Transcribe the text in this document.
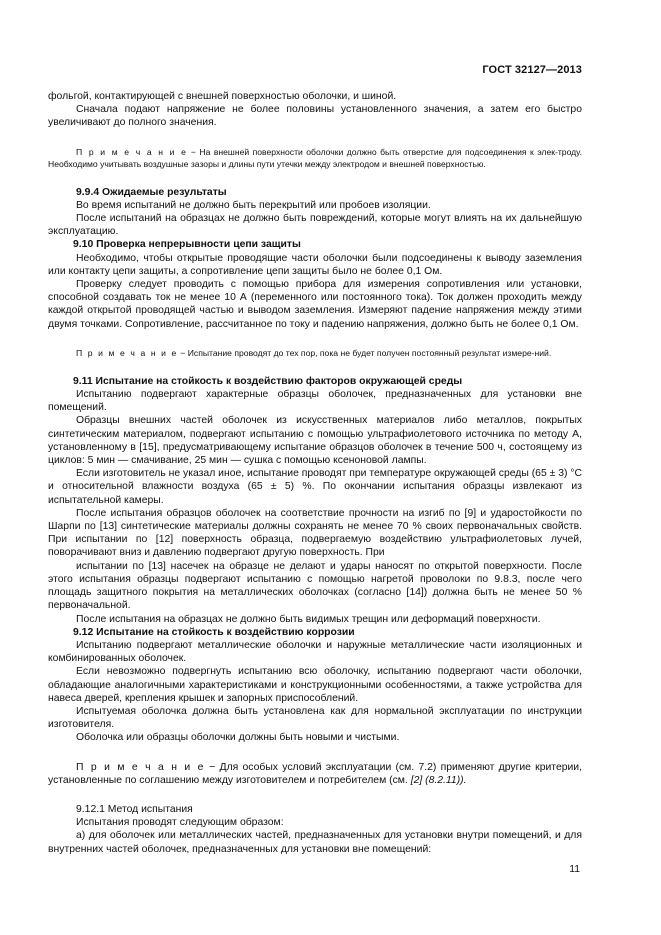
ГОСТ 32127—2013

фольгой, контактирующей с внешней поверхностью оболочки, и шиной.

Сначала подают напряжение не более половины установленного значения, а затем его быстро увеличивают до полного значения.

П р и м е ч а н и е − На внешней поверхности оболочки должно быть отверстие для подсоединения к элек-троду. Необходимо учитывать воздушные зазоры и длины пути утечки между электродом и внешней поверхностью.

9.9.4 Ожидаемые результаты

Во время испытаний не должно быть перекрытий или пробоев изоляции.

После испытаний на образцах не должно быть повреждений, которые могут влиять на их дальнейшую эксплуатацию.

9.10 Проверка непрерывности цепи защиты

Необходимо, чтобы открытые проводящие части оболочки были подсоединены к выводу заземления или контакту цепи защиты, а сопротивление цепи защиты было не более 0,1 Ом.

Проверку следует проводить с помощью прибора для измерения сопротивления или установки, способной создавать ток не менее 10 А (переменного или постоянного тока). Ток должен проходить между каждой открытой проводящей частью и выводом заземления. Измеряют падение напряжения между этими двумя точками. Сопротивление, рассчитанное по току и падению напряжения, должно быть не более 0,1 Ом.

П р и м е ч а н и е − Испытание проводят до тех пор, пока не будет получен постоянный результат измере-ний.

9.11 Испытание на стойкость к воздействию факторов окружающей среды

Испытанию подвергают характерные образцы оболочек, предназначенных для установки вне помещений.

Образцы внешних частей оболочек из искусственных материалов либо металлов, покрытых синтетическим материалом, подвергают испытанию с помощью ультрафиолетового источника по методу А, установленному в [15], предусматривающему испытание образцов оболочек в течение 500 ч, состоящему из циклов: 5 мин — смачивание, 25 мин — сушка с помощью ксеноновой лампы.

Если изготовитель не указал иное, испытание проводят при температуре окружающей среды (65 ± 3) °С и относительной влажности воздуха (65 ± 5) %. По окончании испытания образцы извлекают из испытательной камеры.

После испытания образцов оболочек на соответствие прочности на изгиб по [9] и ударостойкости по Шарпи по [13] синтетические материалы должны сохранять не менее 70 % своих первоначальных свойств. При испытании по [12] поверхность образца, подвергаемую воздействию ультрафиолетовых лучей, поворачивают вниз и давлению подвергают другую поверхность. При

испытании по [13] насечек на образце не делают и удары наносят по открытой поверхности. После этого испытания образцы подвергают испытанию с помощью нагретой проволоки по 9.8.3, после чего площадь защитного покрытия на металлических оболочках (согласно [14]) должна быть не менее 50 % первоначальной.

После испытания на образцах не должно быть видимых трещин или деформаций поверхности.

9.12 Испытание на стойкость к воздействию коррозии

Испытанию подвергают металлические оболочки и наружные металлические части изоляционных и комбинированных оболочек.

Если невозможно подвергнуть испытанию всю оболочку, испытанию подвергают части оболочки, обладающие аналогичными характеристиками и конструкционными особенностями, а также устройства для навеса дверей, крепления крышек и запорных приспособлений.

Испытуемая оболочка должна быть установлена как для нормальной эксплуатации по инструкции изготовителя.

Оболочка или образцы оболочки должны быть новыми и чистыми.

П р и м е ч а н и е − Для особых условий эксплуатации (см. 7.2) применяют другие критерии, установленные по соглашению между изготовителем и потребителем (см. [2] (8.2.11)).

9.12.1 Метод испытания

Испытания проводят следующим образом:

а) для оболочек или металлических частей, предназначенных для установки внутри помещений, и для внутренних частей оболочек, предназначенных для установки вне помещений:

11
